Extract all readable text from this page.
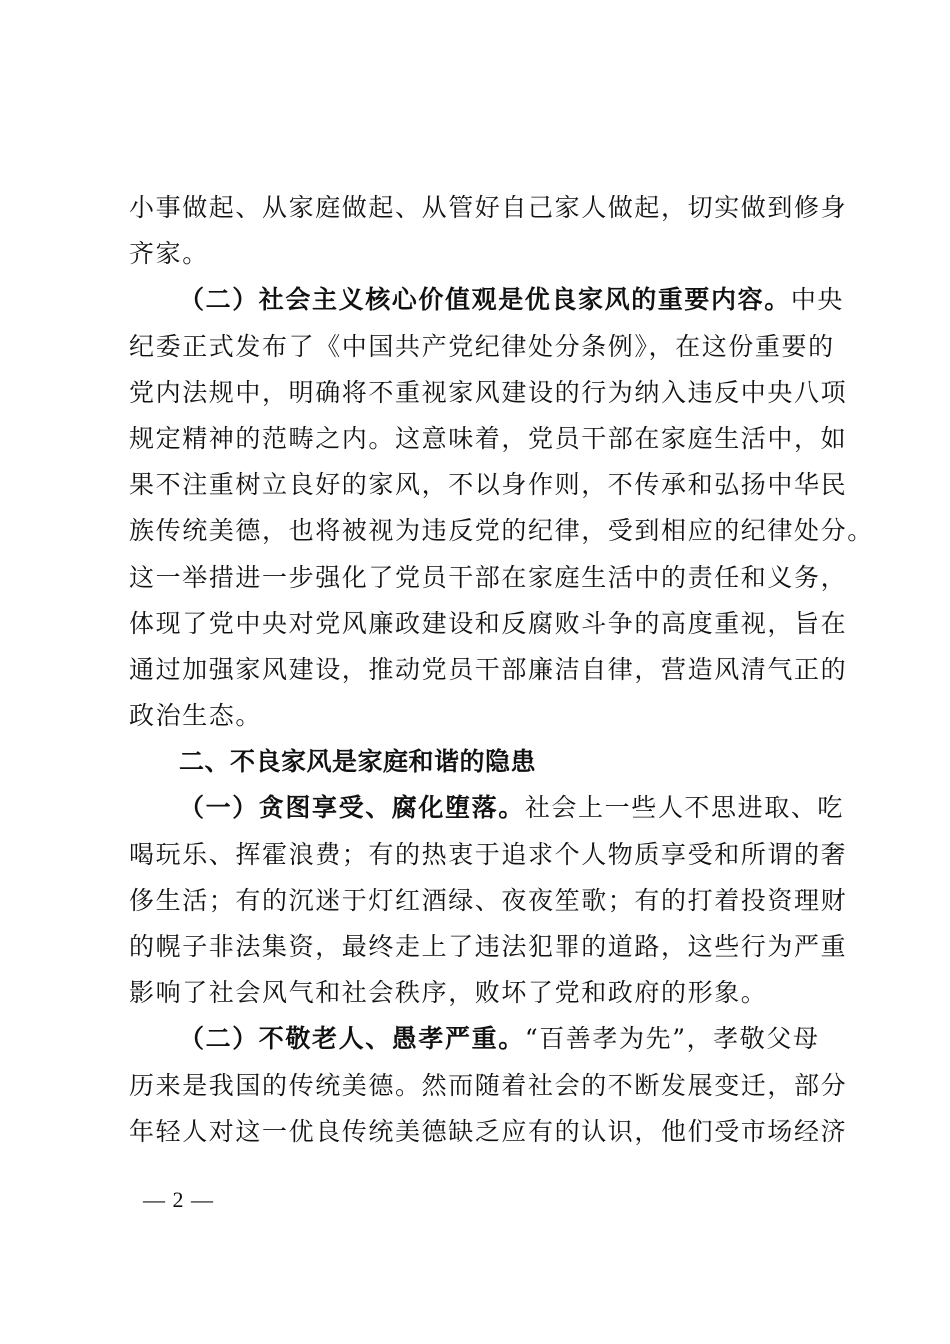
小事做起、从家庭做起、从管好自己家人做起，切实做到修身
齐家。
（二）社会主义核心价值观是优良家风的重要内容。中央
纪委正式发布了《中国共产党纪律处分条例》，在这份重要的
党内法规中，明确将不重视家风建设的行为纳入违反中央八项
规定精神的范畴之内。这意味着，党员干部在家庭生活中，如
果不注重树立良好的家风，不以身作则，不传承和弘扬中华民
族传统美德，也将被视为违反党的纪律，受到相应的纪律处分。
这一举措进一步强化了党员干部在家庭生活中的责任和义务，
体现了党中央对党风廉政建设和反腐败斗争的高度重视，旨在
通过加强家风建设，推动党员干部廉洁自律，营造风清气正的
政治生态。
二、不良家风是家庭和谐的隐患
（一）贪图享受、腐化堕落。社会上一些人不思进取、吃
喝玩乐、挥霍浪费；有的热衷于追求个人物质享受和所谓的奢
侈生活；有的沉迷于灯红酒绿、夜夜笙歌；有的打着投资理财
的幌子非法集资，最终走上了违法犯罪的道路，这些行为严重
影响了社会风气和社会秩序，败坏了党和政府的形象。
（二）不敬老人、愚孝严重。“百善孝为先”，孝敬父母
历来是我国的传统美德。然而随着社会的不断发展变迁，部分
年轻人对这一优良传统美德缺乏应有的认识，他们受市场经济
— 2 —
